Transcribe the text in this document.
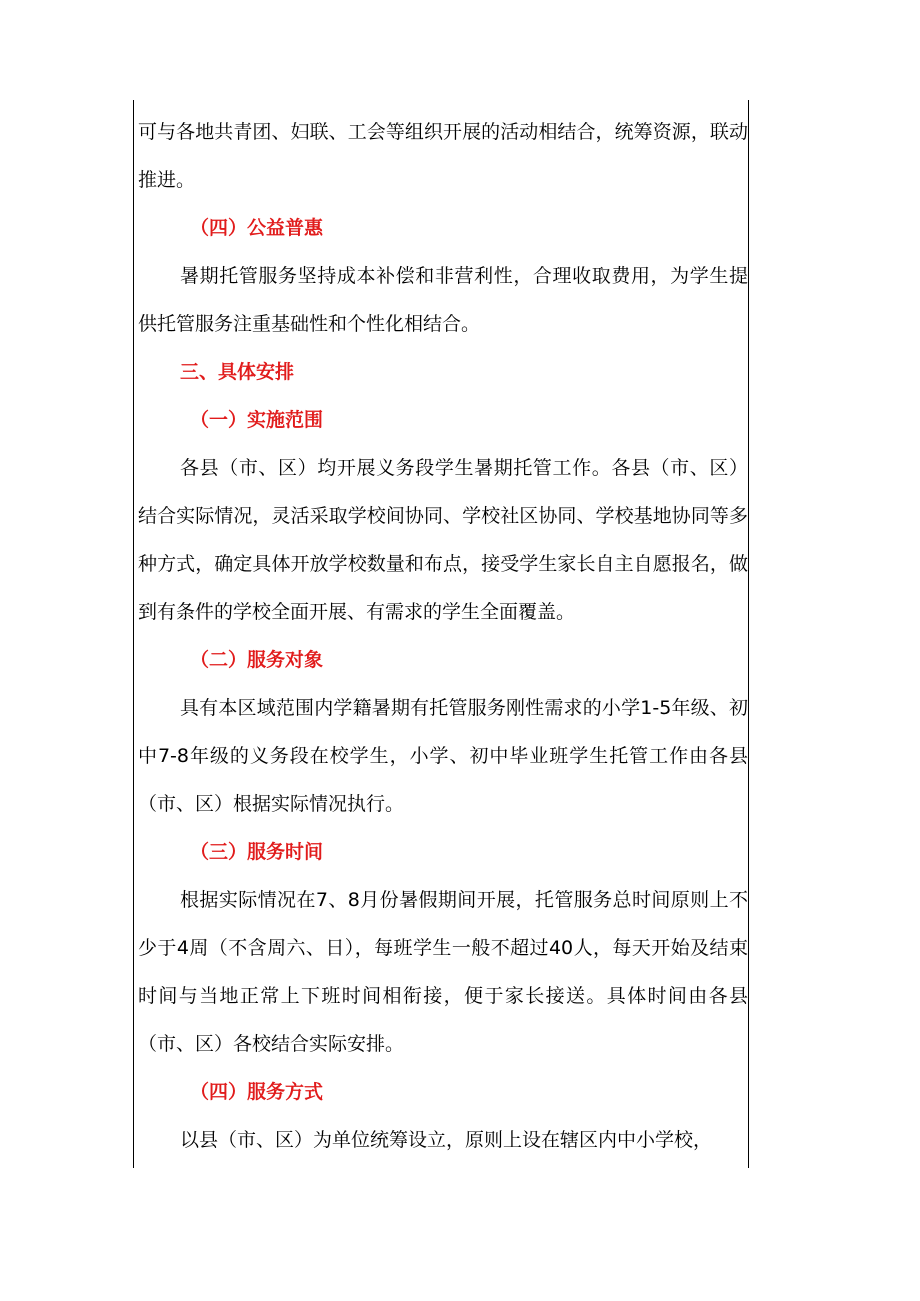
可与各地共青团、妇联、工会等组织开展的活动相结合，统筹资源，联动推进。

（四）公益普惠

暑期托管服务坚持成本补偿和非营利性，合理收取费用，为学生提供托管服务注重基础性和个性化相结合。

三、具体安排
（一）实施范围

各县（市、区）均开展义务段学生暑期托管工作。各县（市、区）结合实际情况，灵活采取学校间协同、学校社区协同、学校基地协同等多种方式，确定具体开放学校数量和布点，接受学生家长自主自愿报名，做到有条件的学校全面开展、有需求的学生全面覆盖。

（二）服务对象

具有本区域范围内学籍暑期有托管服务刚性需求的小学1-5年级、初中7-8年级的义务段在校学生，小学、初中毕业班学生托管工作由各县（市、区）根据实际情况执行。

（三）服务时间

根据实际情况在7、8月份暑假期间开展，托管服务总时间原则上不少于4周（不含周六、日），每班学生一般不超过40人，每天开始及结束时间与当地正常上下班时间相衔接，便于家长接送。具体时间由各县（市、区）各校结合实际安排。

（四）服务方式

以县（市、区）为单位统筹设立，原则上设在辖区内中小学校，
